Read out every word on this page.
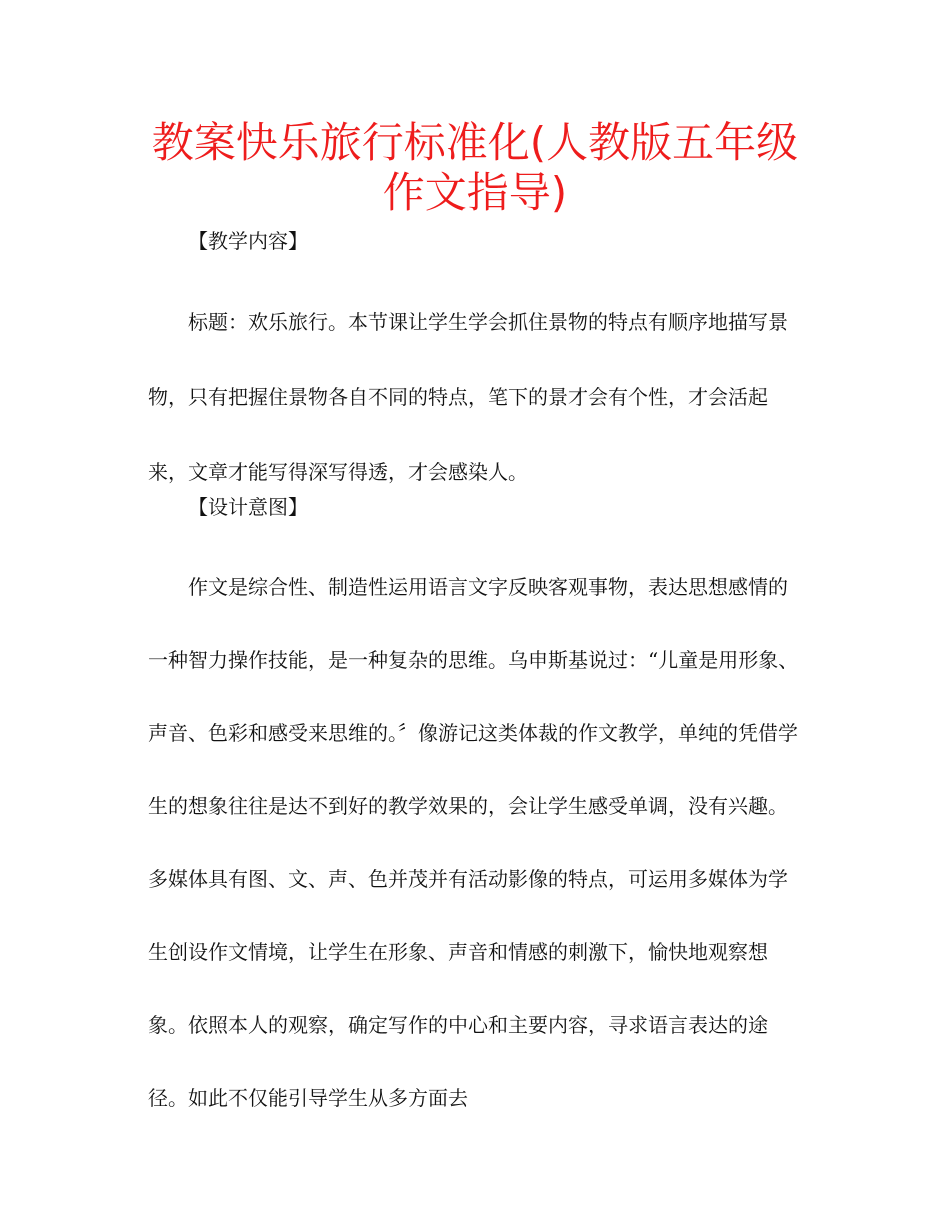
教案快乐旅行标准化(人教版五年级作文指导)

【教学内容】

标题：欢乐旅行。本节课让学生学会抓住景物的特点有顺序地描写景物，只有把握住景物各自不同的特点，笔下的景才会有个性，才会活起来，文章才能写得深写得透，才会感染人。

【设计意图】

作文是综合性、制造性运用语言文字反映客观事物，表达思想感情的一种智力操作技能，是一种复杂的思维。乌申斯基说过：“儿童是用形象、声音、色彩和感受来思维的。〞像游记这类体裁的作文教学，单纯的凭借学生的想象往往是达不到好的教学效果的，会让学生感受单调，没有兴趣。多媒体具有图、文、声、色并茂并有活动影像的特点，可运用多媒体为学生创设作文情境，让学生在形象、声音和情感的刺激下，愉快地观察想象。依照本人的观察，确定写作的中心和主要内容，寻求语言表达的途径。如此不仅能引导学生从多方面去
